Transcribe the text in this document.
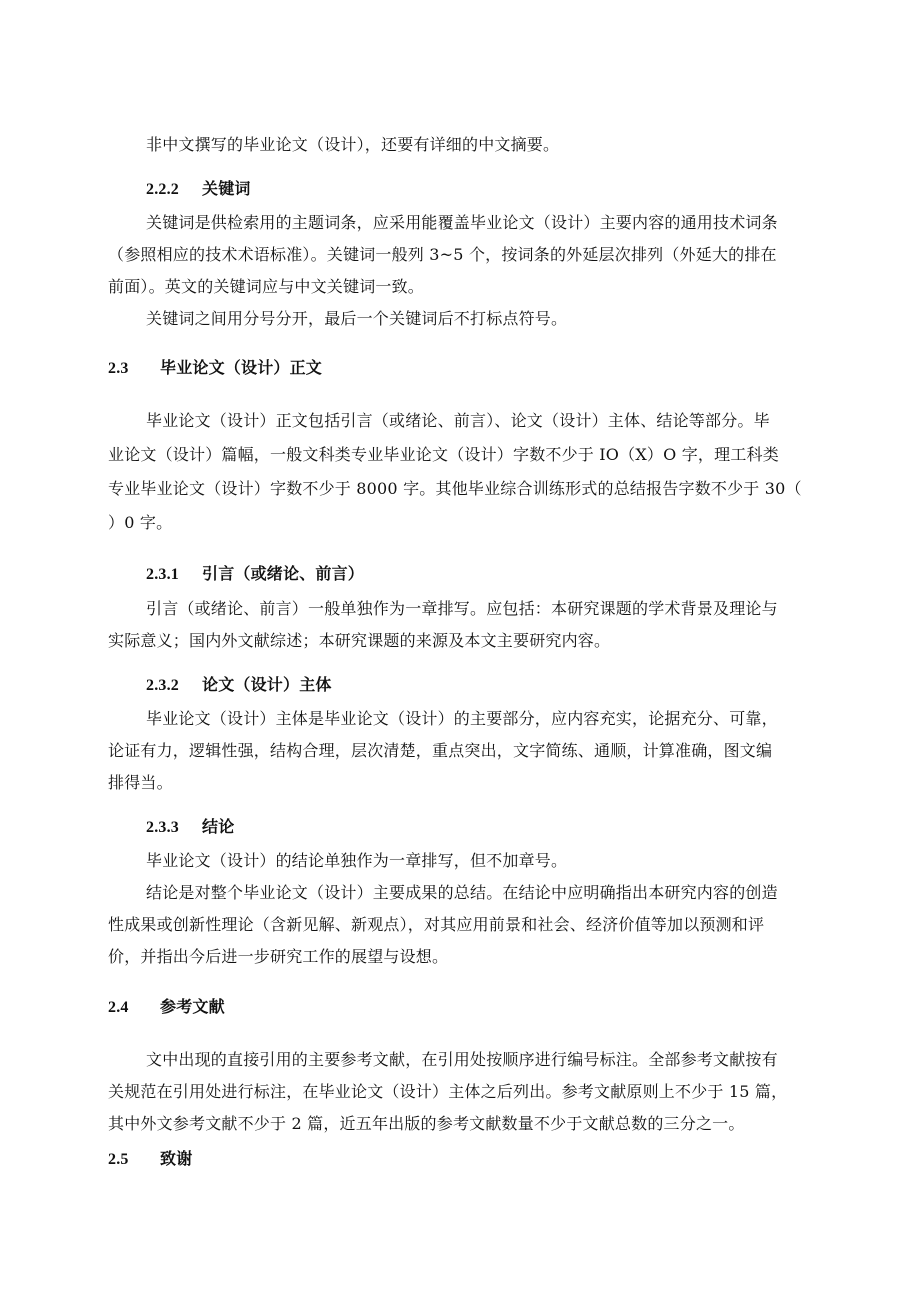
非中文撰写的毕业论文（设计），还要有详细的中文摘要。
2.2.2 关键词
关键词是供检索用的主题词条，应采用能覆盖毕业论文（设计）主要内容的通用技术词条
（参照相应的技术术语标准）。关键词一般列 3~5 个，按词条的外延层次排列（外延大的排在
前面）。英文的关键词应与中文关键词一致。
关键词之间用分号分开，最后一个关键词后不打标点符号。
2.3 毕业论文（设计）正文
毕业论文（设计）正文包括引言（或绪论、前言）、论文（设计）主体、结论等部分。毕
业论文（设计）篇幅，一般文科类专业毕业论文（设计）字数不少于 IO（X）O 字，理工科类
专业毕业论文（设计）字数不少于 8000 字。其他毕业综合训练形式的总结报告字数不少于 30（
）0 字。
2.3.1 引言（或绪论、前言）
引言（或绪论、前言）一般单独作为一章排写。应包括：本研究课题的学术背景及理论与
实际意义；国内外文献综述；本研究课题的来源及本文主要研究内容。
2.3.2 论文（设计）主体
毕业论文（设计）主体是毕业论文（设计）的主要部分，应内容充实，论据充分、可靠，
论证有力，逻辑性强，结构合理，层次清楚，重点突出，文字简练、通顺，计算准确，图文编
排得当。
2.3.3 结论
毕业论文（设计）的结论单独作为一章排写，但不加章号。
结论是对整个毕业论文（设计）主要成果的总结。在结论中应明确指出本研究内容的创造
性成果或创新性理论（含新见解、新观点），对其应用前景和社会、经济价值等加以预测和评
价，并指出今后进一步研究工作的展望与设想。
2.4 参考文献
文中出现的直接引用的主要参考文献，在引用处按顺序进行编号标注。全部参考文献按有
关规范在引用处进行标注，在毕业论文（设计）主体之后列出。参考文献原则上不少于 15 篇，
其中外文参考文献不少于 2 篇，近五年出版的参考文献数量不少于文献总数的三分之一。
2.5 致谢
